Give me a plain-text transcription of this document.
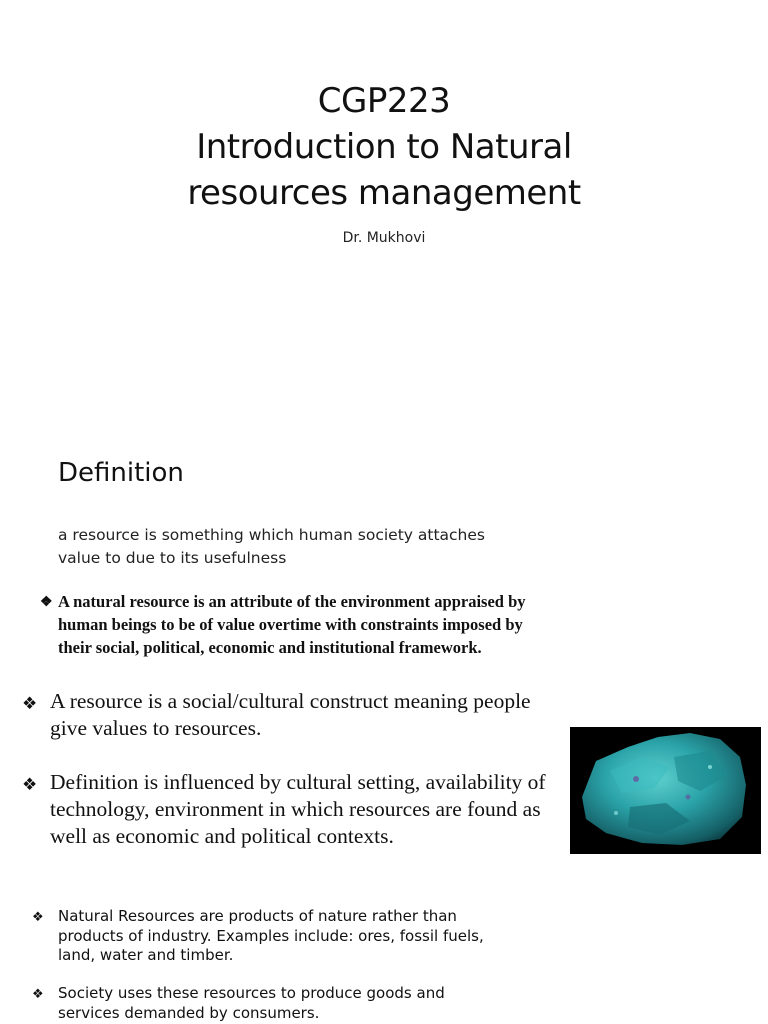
CGP223
Introduction to Natural
resources management
Dr. Mukhovi
Definition
a resource is something which human society attaches value to due to its usefulness
❖ A natural resource is an attribute of the environment appraised by human beings to be of value overtime with constraints imposed by their social, political, economic and institutional framework.
❖ A resource is a social/cultural construct meaning people give values to resources.
❖ Definition is influenced by cultural setting, availability of technology, environment in which resources are found as well as economic and political contexts.
❖ Natural Resources are products of nature rather than products of industry. Examples include: ores, fossil fuels, land, water and timber.
❖ Society uses these resources to produce goods and services demanded by consumers.
